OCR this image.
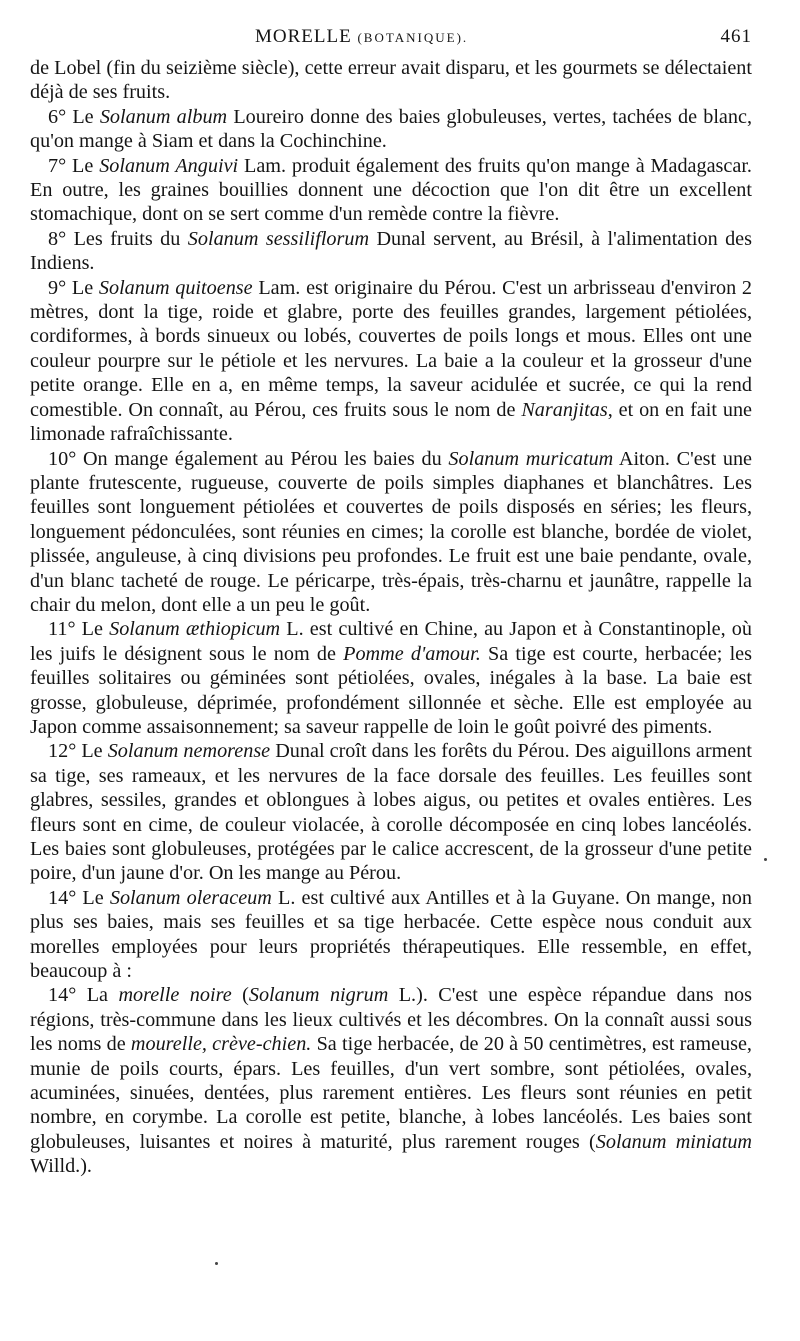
MORELLE (BOTANIQUE).	461

de Lobel (fin du seizième siècle), cette erreur avait disparu, et les gourmets se délectaient déjà de ses fruits.

6° Le Solanum album Loureiro donne des baies globuleuses, vertes, tachées de blanc, qu'on mange à Siam et dans la Cochinchine.

7° Le Solanum Anguivi Lam. produit également des fruits qu'on mange à Madagascar. En outre, les graines bouillies donnent une décoction que l'on dit être un excellent stomachique, dont on se sert comme d'un remède contre la fièvre.

8° Les fruits du Solanum sessiliflorum Dunal servent, au Brésil, à l'alimentation des Indiens.

9° Le Solanum quitoense Lam. est originaire du Pérou. C'est un arbrisseau d'environ 2 mètres, dont la tige, roide et glabre, porte des feuilles grandes, largement pétiolées, cordiformes, à bords sinueux ou lobés, couvertes de poils longs et mous. Elles ont une couleur pourpre sur le pétiole et les nervures. La baie a la couleur et la grosseur d'une petite orange. Elle en a, en même temps, la saveur acidulée et sucrée, ce qui la rend comestible. On connaît, au Pérou, ces fruits sous le nom de Naranjitas, et on en fait une limonade rafraîchissante.

10° On mange également au Pérou les baies du Solanum muricatum Aiton. C'est une plante frutescente, rugueuse, couverte de poils simples diaphanes et blanchâtres. Les feuilles sont longuement pétiolées et couvertes de poils disposés en séries; les fleurs, longuement pédonculées, sont réunies en cimes; la corolle est blanche, bordée de violet, plissée, anguleuse, à cinq divisions peu profondes. Le fruit est une baie pendante, ovale, d'un blanc tacheté de rouge. Le péricarpe, très-épais, très-charnu et jaunâtre, rappelle la chair du melon, dont elle a un peu le goût.

11° Le Solanum æthiopicum L. est cultivé en Chine, au Japon et à Constantinople, où les juifs le désignent sous le nom de Pomme d'amour. Sa tige est courte, herbacée; les feuilles solitaires ou géminées sont pétiolées, ovales, inégales à la base. La baie est grosse, globuleuse, déprimée, profondément sillonnée et sèche. Elle est employée au Japon comme assaisonnement; sa saveur rappelle de loin le goût poivré des piments.

12° Le Solanum nemorense Dunal croît dans les forêts du Pérou. Des aiguillons arment sa tige, ses rameaux, et les nervures de la face dorsale des feuilles. Les feuilles sont glabres, sessiles, grandes et oblongues à lobes aigus, ou petites et ovales entières. Les fleurs sont en cime, de couleur violacée, à corolle décomposée en cinq lobes lancéolés. Les baies sont globuleuses, protégées par le calice accrescent, de la grosseur d'une petite poire, d'un jaune d'or. On les mange au Pérou.

14° Le Solanum oleraceum L. est cultivé aux Antilles et à la Guyane. On mange, non plus ses baies, mais ses feuilles et sa tige herbacée. Cette espèce nous conduit aux morelles employées pour leurs propriétés thérapeutiques. Elle ressemble, en effet, beaucoup à :

14° La morelle noire (Solanum nigrum L.). C'est une espèce répandue dans nos régions, très-commune dans les lieux cultivés et les décombres. On la connaît aussi sous les noms de mourelle, crève-chien. Sa tige herbacée, de 20 à 50 centimètres, est rameuse, munie de poils courts, épars. Les feuilles, d'un vert sombre, sont pétiolées, ovales, acuminées, sinuées, dentées, plus rarement entières. Les fleurs sont réunies en petit nombre, en corymbe. La corolle est petite, blanche, à lobes lancéolés. Les baies sont globuleuses, luisantes et noires à maturité, plus rarement rouges (Solanum miniatum Willd.).
